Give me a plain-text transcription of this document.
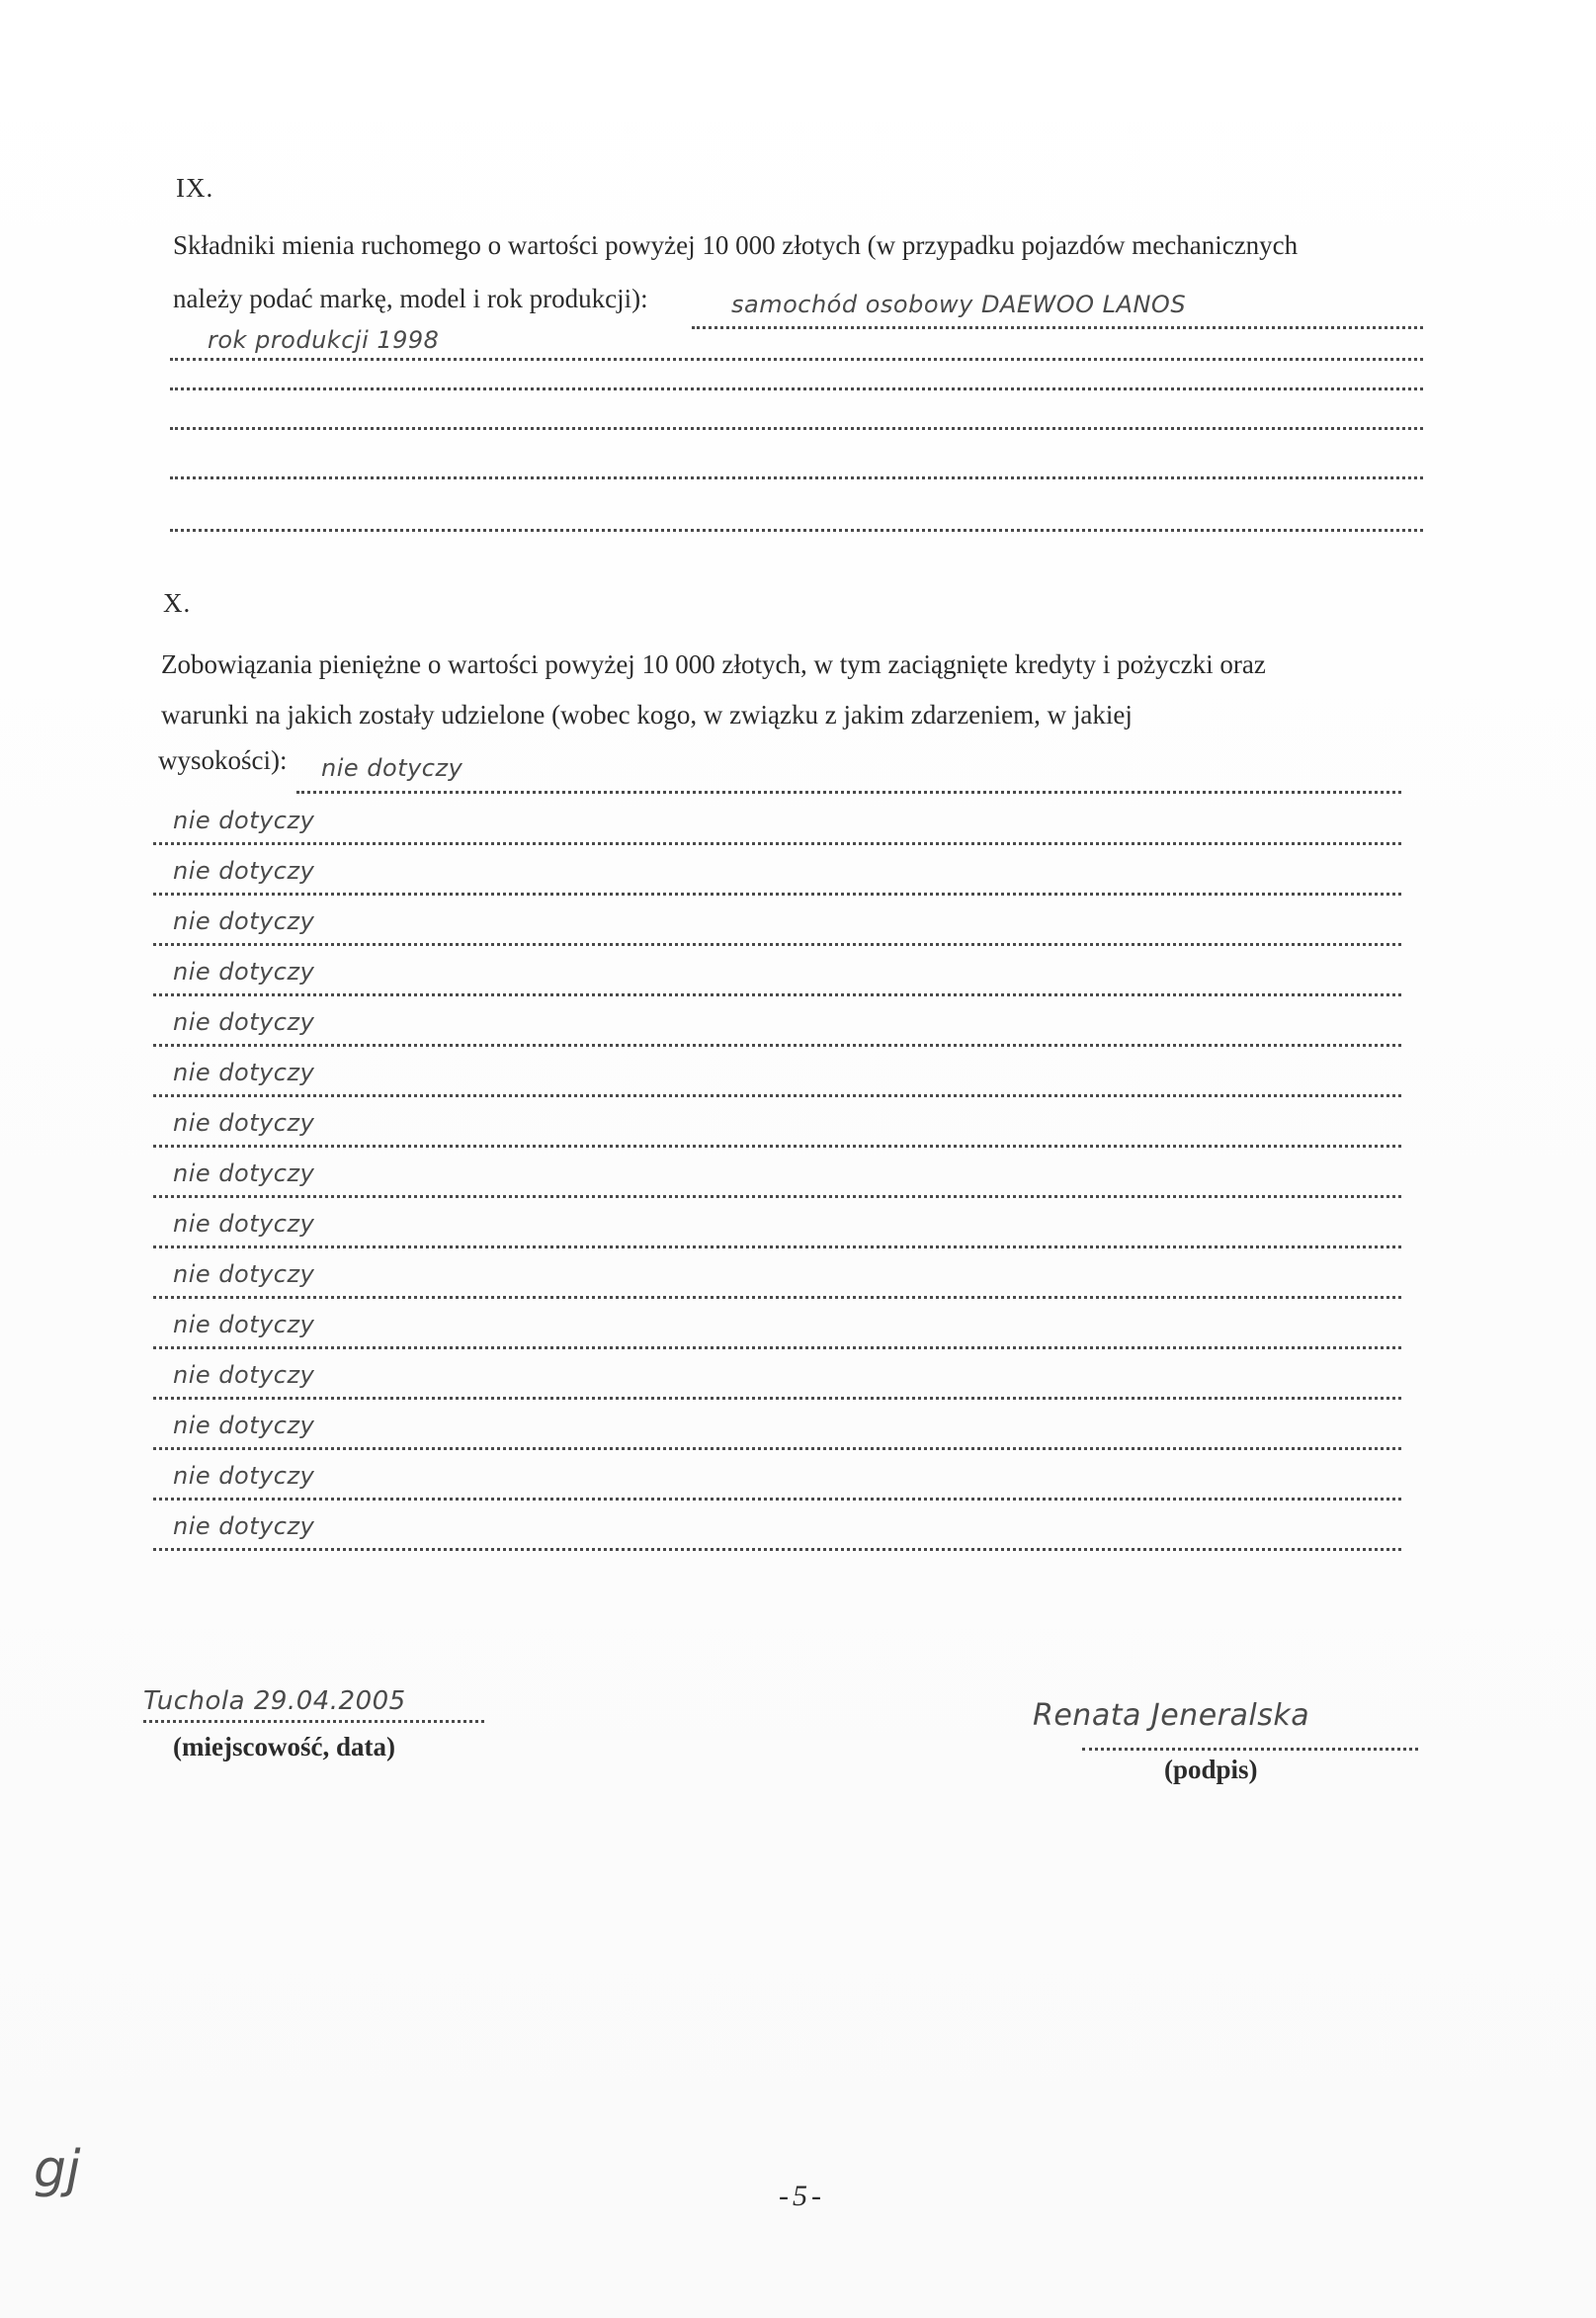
IX.
Składniki mienia ruchomego o wartości powyżej 10 000 złotych (w przypadku pojazdów mechanicznych
należy podać markę, model i rok produkcji):	samochód osobowy DAEWOO LANOS
rok produkcji 1998
X.
Zobowiązania pieniężne o wartości powyżej 10 000 złotych, w tym zaciągnięte kredyty i pożyczki oraz
warunki na jakich zostały udzielone (wobec kogo, w związku z jakim zdarzeniem, w jakiej
wysokości): nie dotyczy
nie dotyczy
nie dotyczy
nie dotyczy
nie dotyczy
nie dotyczy
nie dotyczy
nie dotyczy
nie dotyczy
nie dotyczy
nie dotyczy
nie dotyczy
nie dotyczy
nie dotyczy
nie dotyczy
nie dotyczy
Tuchola 29.04.2005
(miejscowość, data)
Renata Jeneralska
(podpis)
-5-
gj
